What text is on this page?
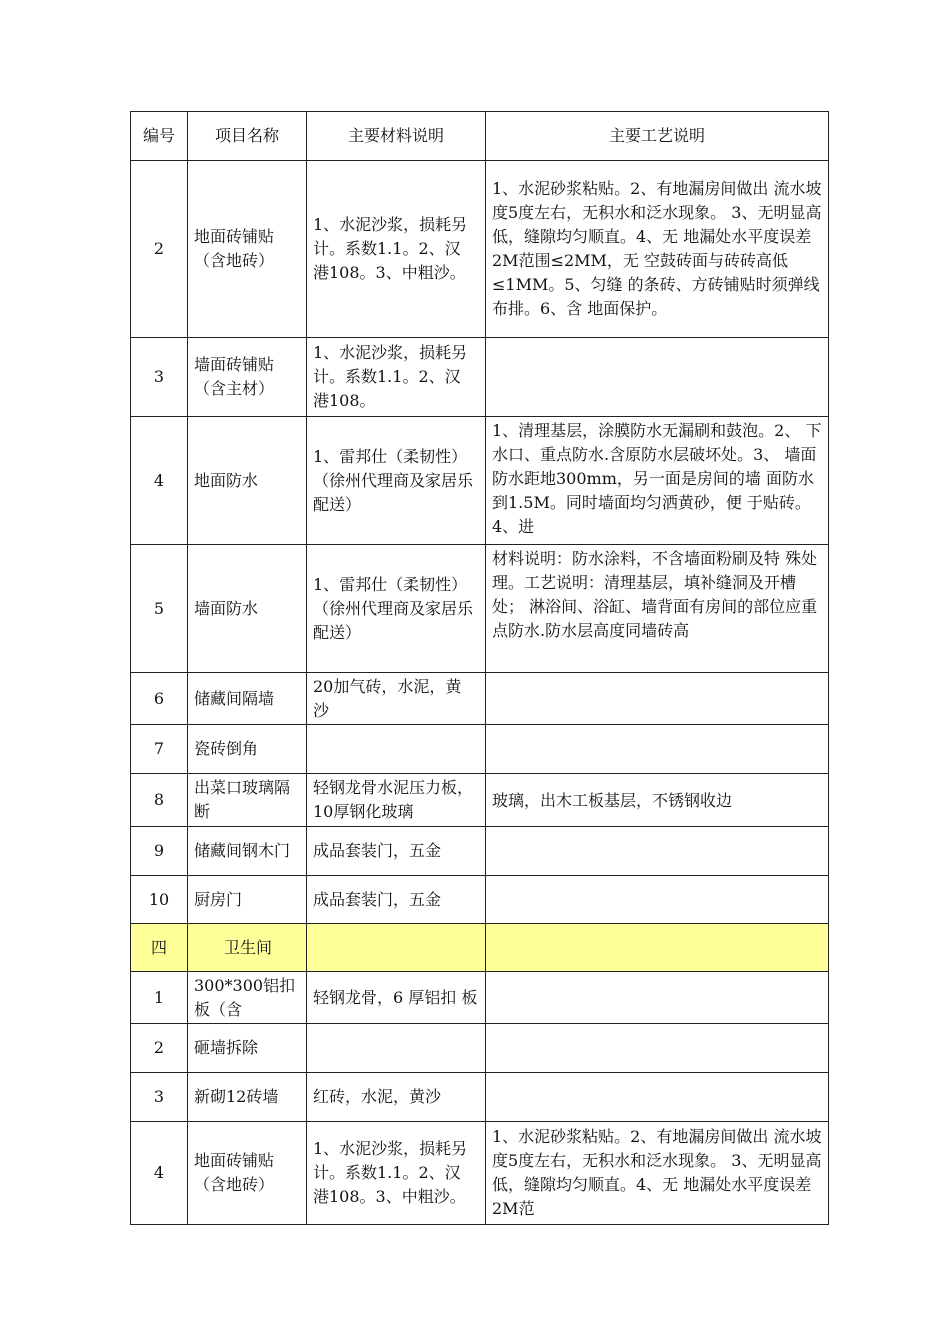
编号	项目名称	主要材料说明	主要工艺说明
2	地面砖铺贴（含地砖）	1、水泥沙浆，损耗另 计。系数1.1。2、汉 港108。3、中粗沙。	1、水泥砂浆粘贴。2、有地漏房间做出 流水坡度5度左右，无积水和泛水现象。 3、无明显高低，缝隙均匀顺直。4、无 地漏处水平度误差2M范围≤2MM，无 空鼓砖面与砖砖高低≤1MM。5、匀缝 的条砖、方砖铺贴时须弹线布排。6、含 地面保护。
3	墙面砖铺贴（含主材）	1、水泥沙浆，损耗另 计。系数1.1。2、汉 港108。	
4	地面防水	1、雷邦仕（柔韧性）（徐州代理商及家居乐配送）	1、清理基层，涂膜防水无漏刷和鼓泡。2、 下水口、重点防水.含原防水层破坏处。3、 墙面防水距地300mm，另一面是房间的墙 面防水到1.5M。同时墙面均匀洒黄砂，便 于贴砖。4、进

5	墙面防水	1、雷邦仕（柔韧性）（徐州代理商及家居乐配送）	材料说明：防水涂料，不含墙面粉刷及特 殊处理。工艺说明：清理基层，填补缝洞及开槽处； 淋浴间、浴缸、墙背面有房间的部位应重 点防水.防水层高度同墙砖高

6	储藏间隔墙	20加气砖，水泥，黄 沙	
7	瓷砖倒角		
8	出菜口玻璃隔 断	轻钢龙骨水泥压力板，10厚钢化玻璃	玻璃，出木工板基层，不锈钢收边

9	储藏间钢木门	成品套装门，五金	
10	厨房门	成品套装门，五金	
四	卫生间		
1	300*300铝扣 板（含	轻钢龙骨，6 厚铝扣 板	
2	砸墙拆除		
3	新砌12砖墙	红砖，水泥，黄沙	
4	地面砖铺贴（含地砖）	1、水泥沙浆，损耗另 计。系数1.1。2、汉 港108。3、中粗沙。	1、水泥砂浆粘贴。2、有地漏房间做出 流水坡度5度左右，无积水和泛水现象。 3、无明显高低，缝隙均匀顺直。4、无 地漏处水平度误差2M范
